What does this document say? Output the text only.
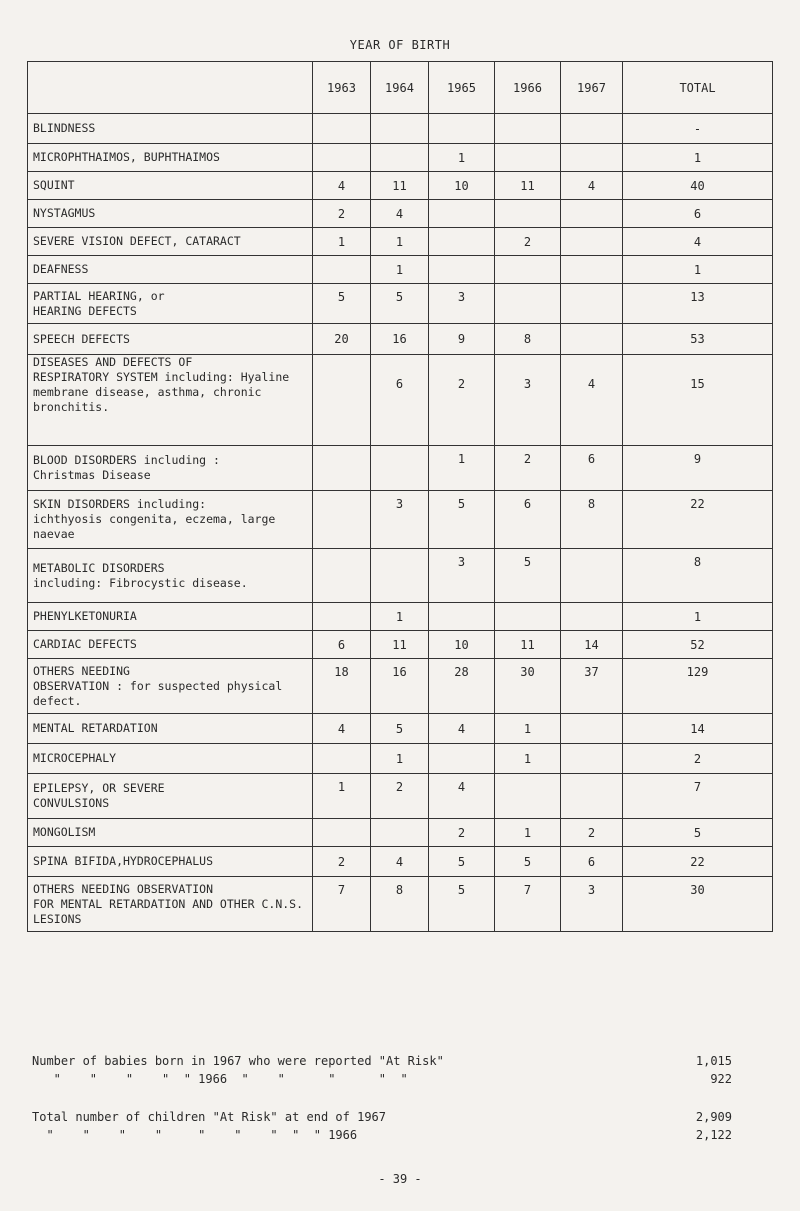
YEAR OF BIRTH
	1963	1964	1965	1966	1967	TOTAL

BLINDNESS						-

MICROPHTHAIMOS, BUPHTHAIMOS			1			1

SQUINT	4	11	10	11	4	40

NYSTAGMUS	2	4				6

SEVERE VISION DEFECT, CATARACT	1	1		2		4

DEAFNESS		1				1

PARTIAL HEARING, or
HEARING DEFECTS	5	5	3			13

SPEECH DEFECTS	20	16	9	8		53

DISEASES AND DEFECTS OF
RESPIRATORY SYSTEM including: Hyaline membrane disease, asthma, chronic bronchitis.		6	2	3	4	15

BLOOD DISORDERS including :
Christmas Disease			1	2	6	9

SKIN DISORDERS including:
ichthyosis congenita, eczema, large naevae		3	5	6	8	22

METABOLIC DISORDERS
including: Fibrocystic disease.			3	5		8

PHENYLKETONURIA		1				1

CARDIAC DEFECTS	6	11	10	11	14	52

OTHERS NEEDING
OBSERVATION : for suspected physical defect.	18	16	28	30	37	129

MENTAL RETARDATION	4	5	4	1		14

MICROCEPHALY		1		1		2

EPILEPSY, OR SEVERE
CONVULSIONS	1	2	4			7

MONGOLISM			2	1	2	5

SPINA BIFIDA,HYDROCEPHALUS	2	4	5	5	6	22

OTHERS NEEDING OBSERVATION
FOR MENTAL RETARDATION AND OTHER C.N.S. LESIONS	7	8	5	7	3	30
Number of babies born in 1967 who were reported "At Risk"	1,015
"    "    "    "  " 1966  "    "      "      "  "	922
Total number of children "At Risk" at end of 1967	2,909
"    "    "    "     "    "    "  "  " 1966	2,122
- 39 -
